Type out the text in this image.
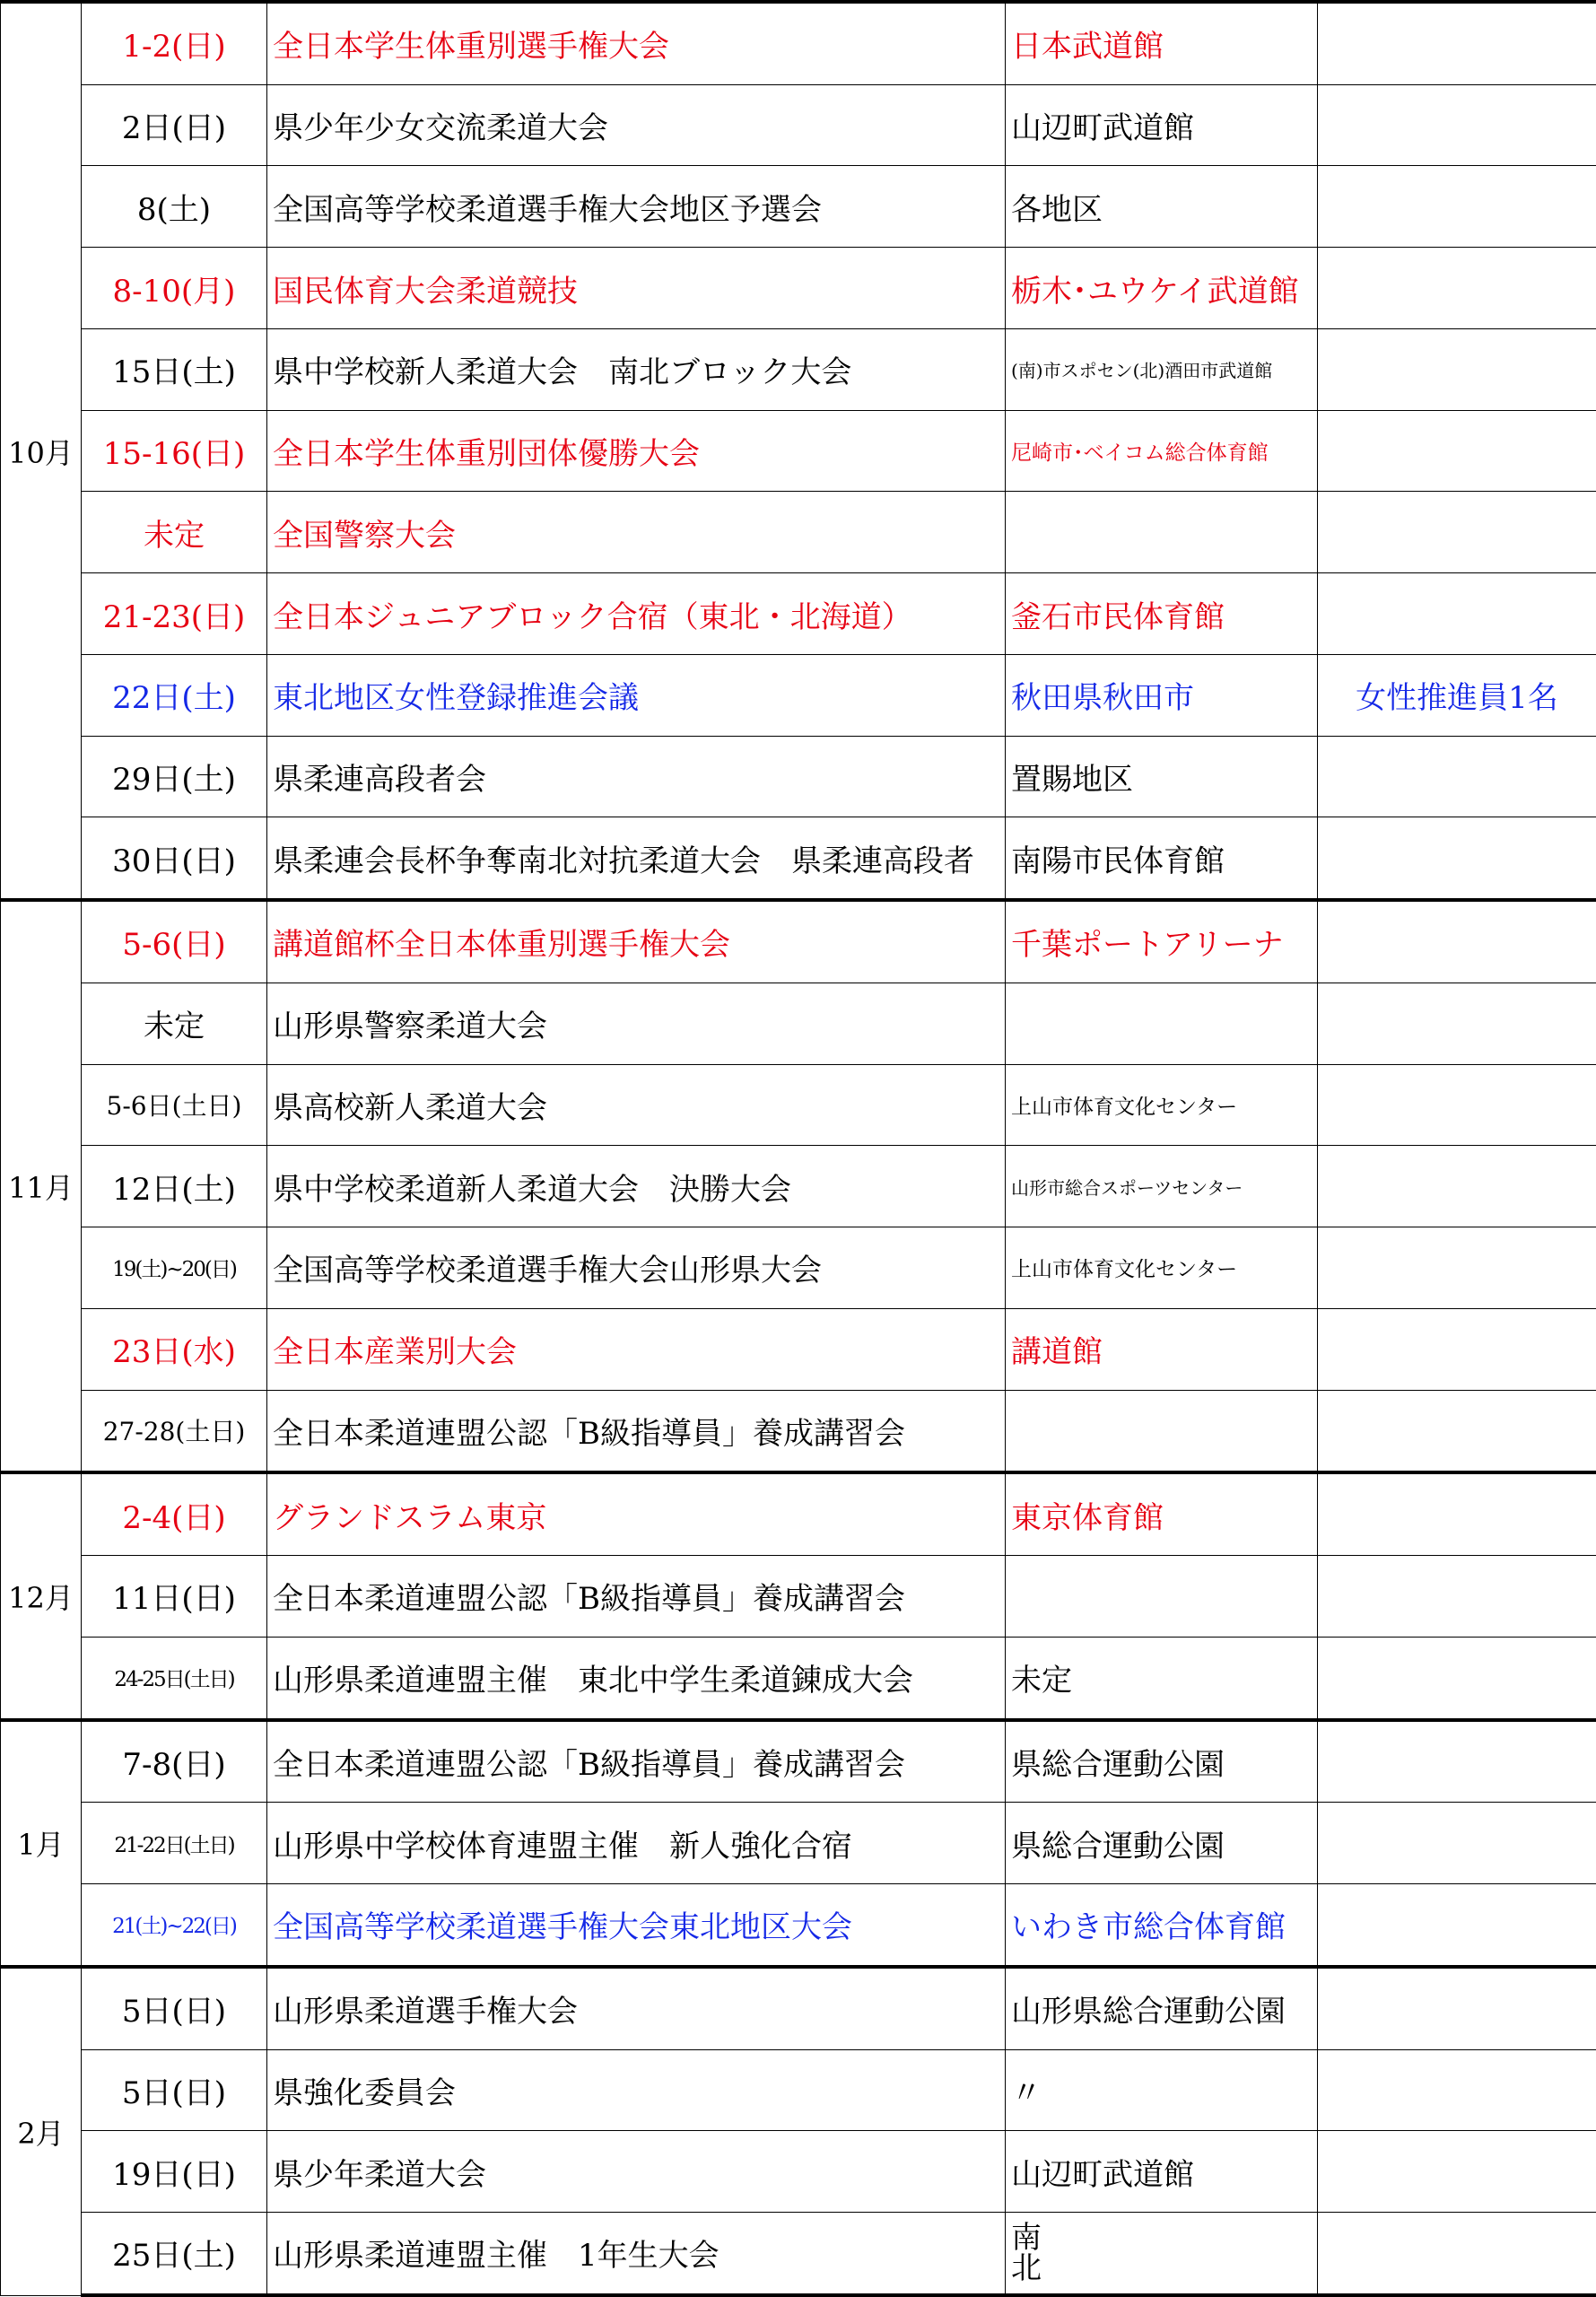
10月	1-2(日)	全日本学生体重別選手権大会	日本武道館	
	2日(日)	県少年少女交流柔道大会	山辺町武道館	
	8(土)	全国高等学校柔道選手権大会地区予選会	各地区	
	8-10(月)	国民体育大会柔道競技	栃木･ユウケイ武道館	
	15日(土)	県中学校新人柔道大会　南北ブロック大会	(南)市スポセン(北)酒田市武道館	
	15-16(日)	全日本学生体重別団体優勝大会	尼崎市･ベイコム総合体育館	
	未定	全国警察大会		
	21-23(日)	全日本ジュニアブロック合宿（東北・北海道）	釜石市民体育館	
	22日(土)	東北地区女性登録推進会議	秋田県秋田市	女性推進員1名
	29日(土)	県柔連高段者会	置賜地区	
	30日(日)	県柔連会長杯争奪南北対抗柔道大会　県柔連高段者	南陽市民体育館	
11月	5-6(日)	講道館杯全日本体重別選手権大会	千葉ポートアリーナ	
	未定	山形県警察柔道大会		
	5-6日(土日)	県高校新人柔道大会	上山市体育文化センター	
	12日(土)	県中学校柔道新人柔道大会　決勝大会	山形市総合スポーツセンター	
	19(土)~20(日)	全国高等学校柔道選手権大会山形県大会	上山市体育文化センター	
	23日(水)	全日本産業別大会	講道館	
	27-28(土日)	全日本柔道連盟公認「B級指導員」養成講習会		
12月	2-4(日)	グランドスラム東京	東京体育館	
	11日(日)	全日本柔道連盟公認「B級指導員」養成講習会		
	24-25日(土日)	山形県柔道連盟主催　東北中学生柔道錬成大会	未定	
1月	7-8(日)	全日本柔道連盟公認「B級指導員」養成講習会	県総合運動公園	
	21-22日(土日)	山形県中学校体育連盟主催　新人強化合宿	県総合運動公園	
	21(土)~22(日)	全国高等学校柔道選手権大会東北地区大会	いわき市総合体育館	
2月	5日(日)	山形県柔道選手権大会	山形県総合運動公園	
	5日(日)	県強化委員会	〃	
	19日(日)	県少年柔道大会	山辺町武道館	
	25日(土)	山形県柔道連盟主催　1年生大会	南
北	
